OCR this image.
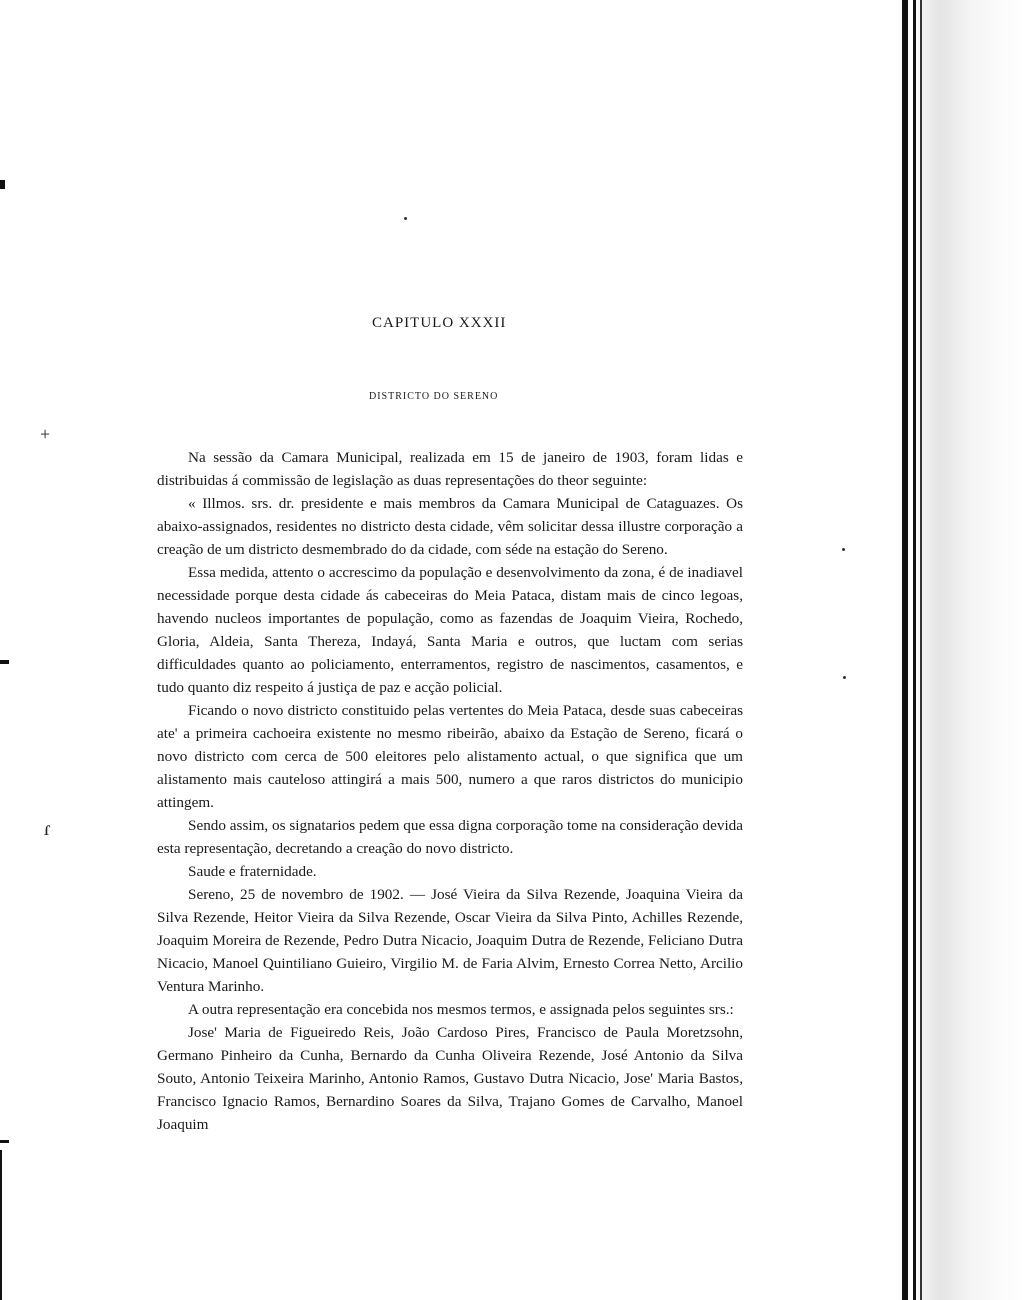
+
ɾ
CAPITULO XXXII
DISTRICTO DO SERENO

Na sessão da Camara Municipal, realizada em 15 de janeiro de 1903, foram lidas e distribuidas á commissão de legislação as duas representações do theor seguinte:

« Illmos. srs. dr. presidente e mais membros da Camara Municipal de Cataguazes. Os abaixo-assignados, residentes no districto desta cidade, vêm solicitar dessa illustre corporação a creação de um districto desmembrado do da cidade, com séde na estação do Sereno.

Essa medida, attento o accrescimo da população e desenvolvimento da zona, é de inadiavel necessidade porque desta cidade ás cabeceiras do Meia Pataca, distam mais de cinco legoas, havendo nucleos importantes de população, como as fazendas de Joaquim Vieira, Rochedo, Gloria, Aldeia, Santa Thereza, Indayá, Santa Maria e outros, que luctam com serias difficuldades quanto ao policiamento, enterramentos, registro de nascimentos, casamentos, e tudo quanto diz respeito á justiça de paz e acção policial.

Ficando o novo districto constituido pelas vertentes do Meia Pataca, desde suas cabeceiras ate' a primeira cachoeira existente no mesmo ribeirão, abaixo da Estação de Sereno, ficará o novo districto com cerca de 500 eleitores pelo alistamento actual, o que significa que um alistamento mais cauteloso attingirá a mais 500, numero a que raros districtos do municipio attingem.

Sendo assim, os signatarios pedem que essa digna corporação tome na consideração devida esta representação, decretando a creação do novo districto.

Saude e fraternidade.

Sereno, 25 de novembro de 1902. — José Vieira da Silva Rezende, Joaquina Vieira da Silva Rezende, Heitor Vieira da Silva Rezende, Oscar Vieira da Silva Pinto, Achilles Rezende, Joaquim Moreira de Rezende, Pedro Dutra Nicacio, Joaquim Dutra de Rezende, Feliciano Dutra Nicacio, Manoel Quintiliano Guieiro, Virgilio M. de Faria Alvim, Ernesto Correa Netto, Arcilio Ventura Marinho.

A outra representação era concebida nos mesmos termos, e assignada pelos seguintes srs.:

Jose' Maria de Figueiredo Reis, João Cardoso Pires, Francisco de Paula Moretzsohn, Germano Pinheiro da Cunha, Bernardo da Cunha Oliveira Rezende, José Antonio da Silva Souto, Antonio Teixeira Marinho, Antonio Ramos, Gustavo Dutra Nicacio, Jose' Maria Bastos, Francisco Ignacio Ramos, Bernardino Soares da Silva, Trajano Gomes de Carvalho, Manoel Joaquim
